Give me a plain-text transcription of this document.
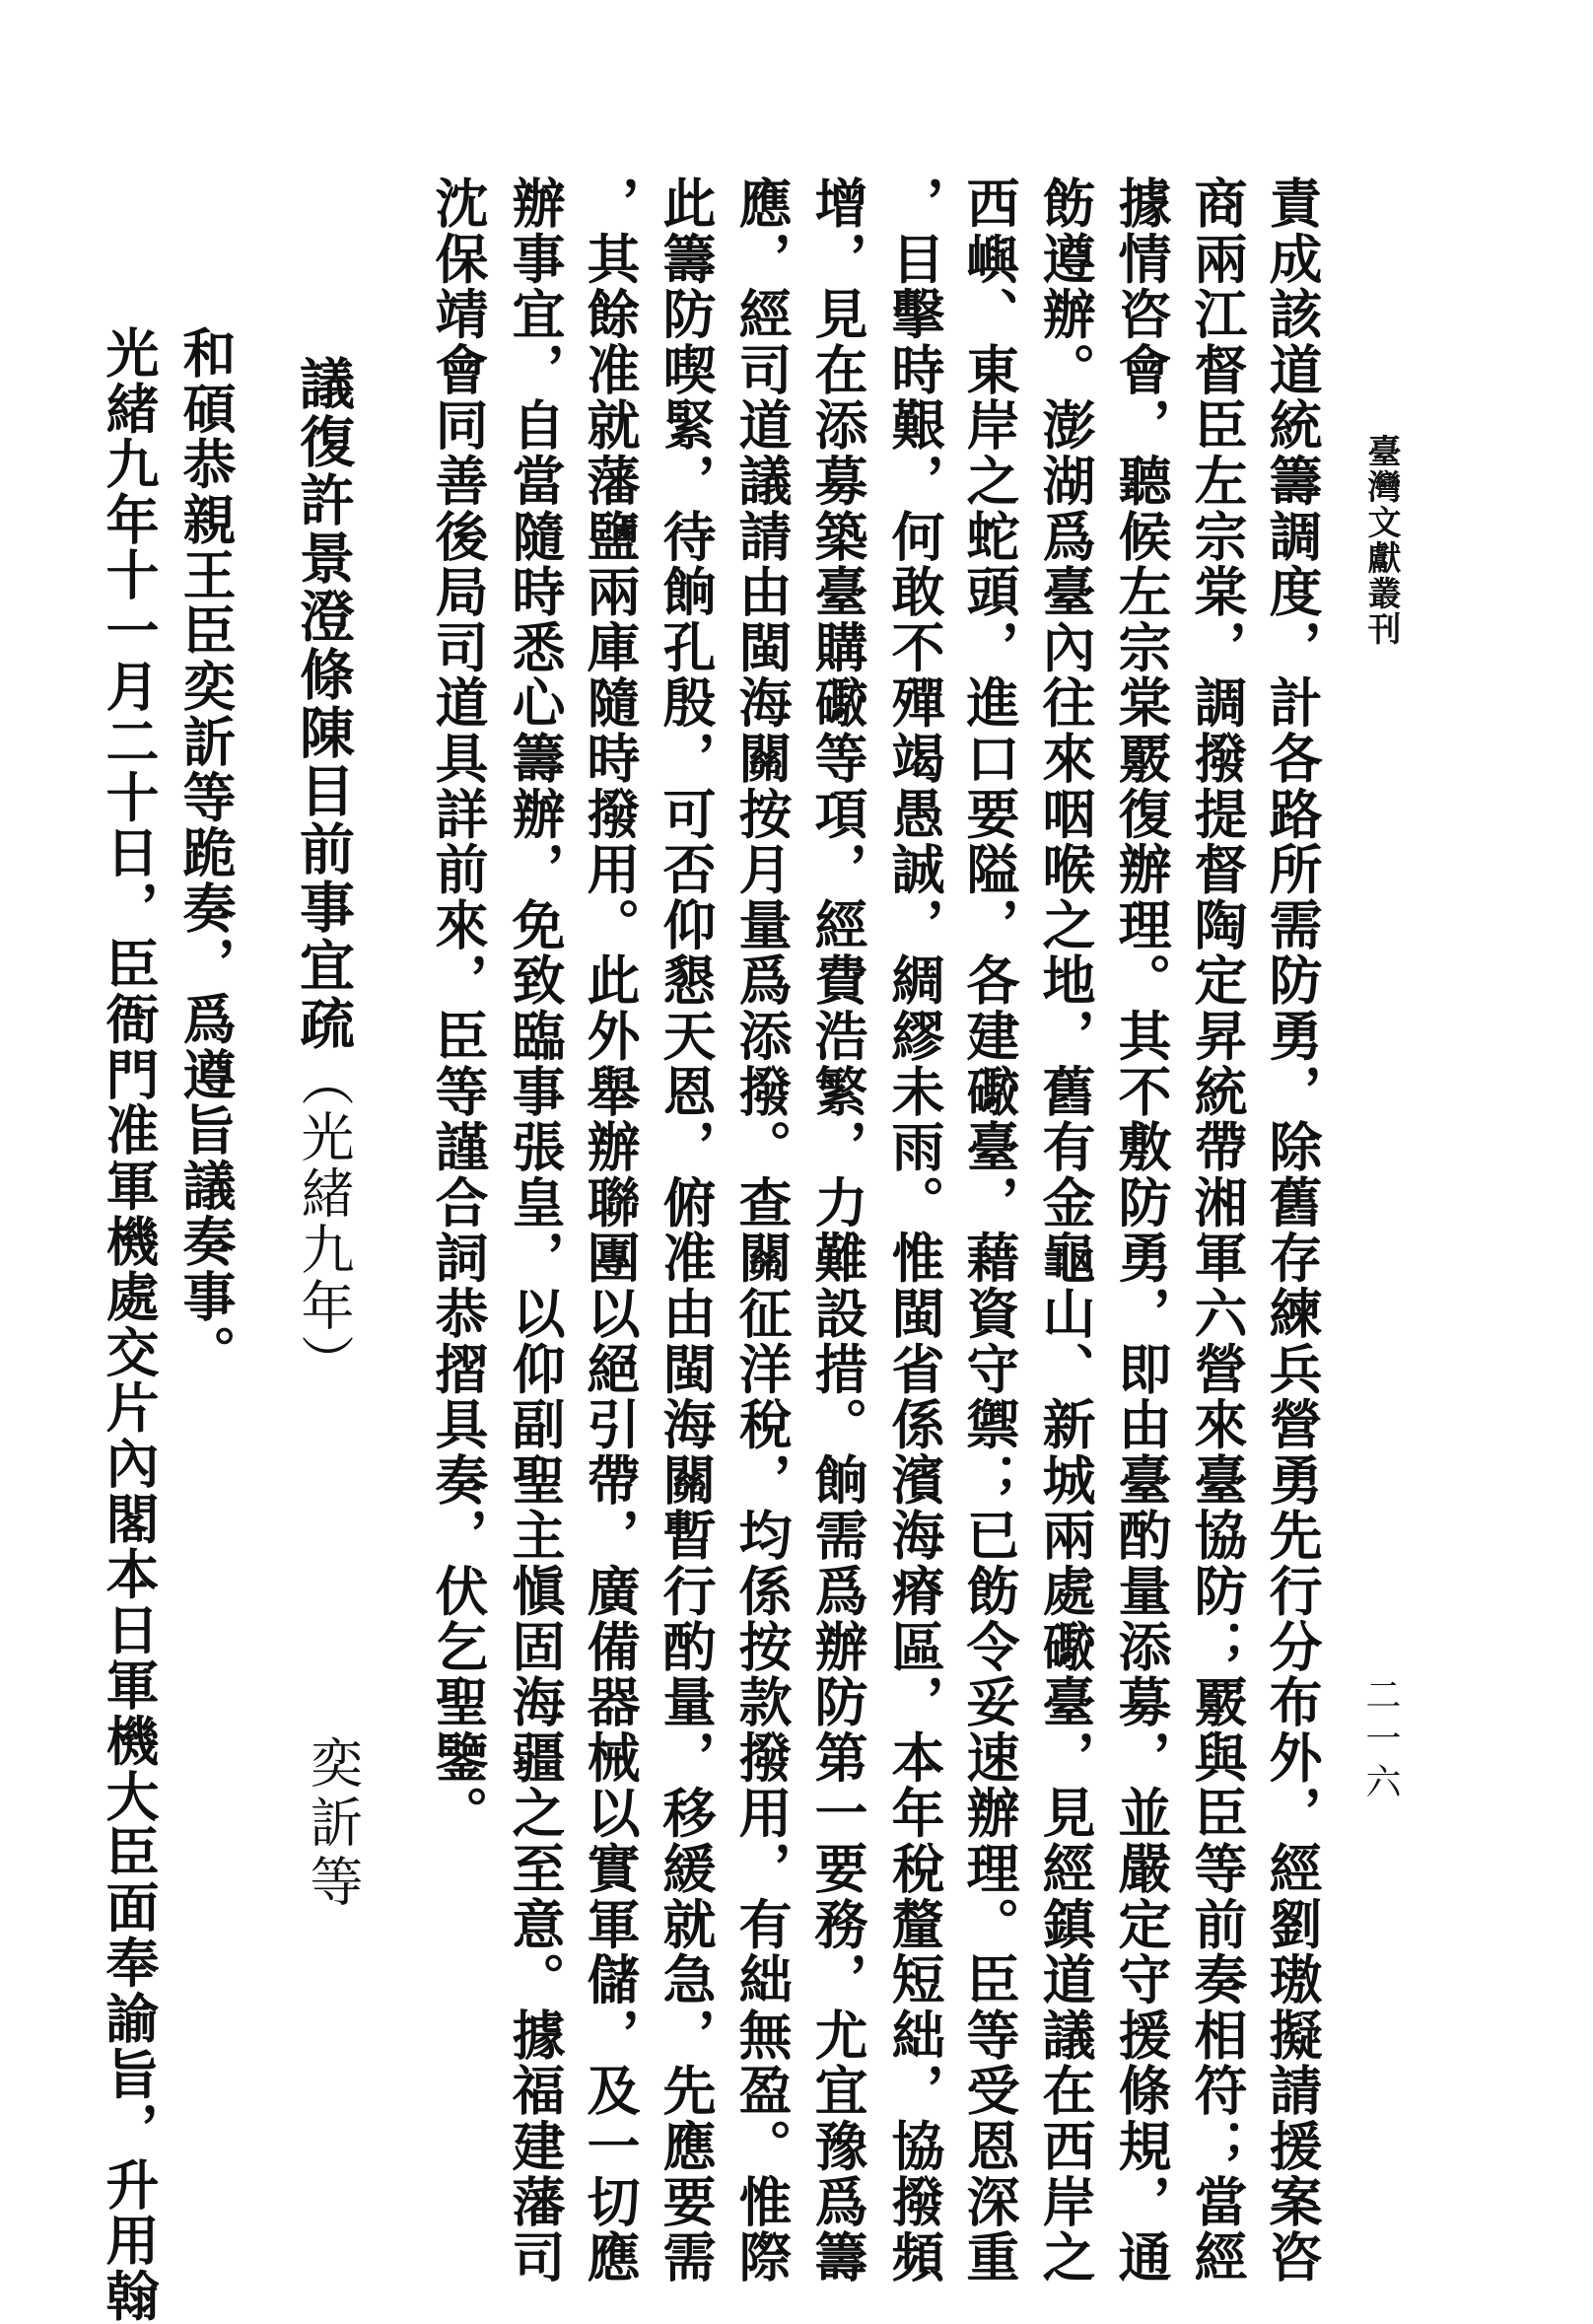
臺灣文獻叢刊
二一六
責成該道統籌調度，計各路所需防勇，除舊存練兵營勇先行分布外，經劉璈擬請援案咨
商兩江督臣左宗棠，調撥提督陶定昇統帶湘軍六營來臺協防；覈與臣等前奏相符；當經
據情咨會，聽候左宗棠覈復辦理。其不敷防勇，即由臺酌量添募，並嚴定守援條規，通
飭遵辦。澎湖爲臺內往來咽喉之地，舊有金龜山、新城兩處礮臺，見經鎮道議在西岸之
西嶼、東岸之蛇頭，進口要隘，各建礮臺，藉資守禦；已飭令妥速辦理。臣等受恩深重
，目擊時艱，何敢不殫竭愚誠，綢繆未雨。惟閩省係濱海瘠區，本年稅釐短絀，協撥頻
增，見在添募築臺購礮等項，經費浩繁，力難設措。餉需爲辦防第一要務，尤宜豫爲籌
應，經司道議請由閩海關按月量爲添撥。查關征洋稅，均係按款撥用，有絀無盈。惟際
此籌防喫緊，待餉孔殷，可否仰懇天恩，俯准由閩海關暫行酌量，移緩就急，先應要需
，其餘准就藩鹽兩庫隨時撥用。此外舉辦聯團以絕引帶，廣備器械以實軍儲，及一切應
辦事宜，自當隨時悉心籌辦，免致臨事張皇，以仰副聖主愼固海疆之至意。據福建藩司
沈保靖會同善後局司道具詳前來，臣等謹合詞恭摺具奏，伏乞聖鑒。
議復許景澄條陳目前事宜疏（光緒九年）
奕訢等
和碩恭親王臣奕訢等跪奏，爲遵旨議奏事。
光緒九年十一月二十日，臣衙門准軍機處交片內閣本日軍機大臣面奉諭旨，升用翰
